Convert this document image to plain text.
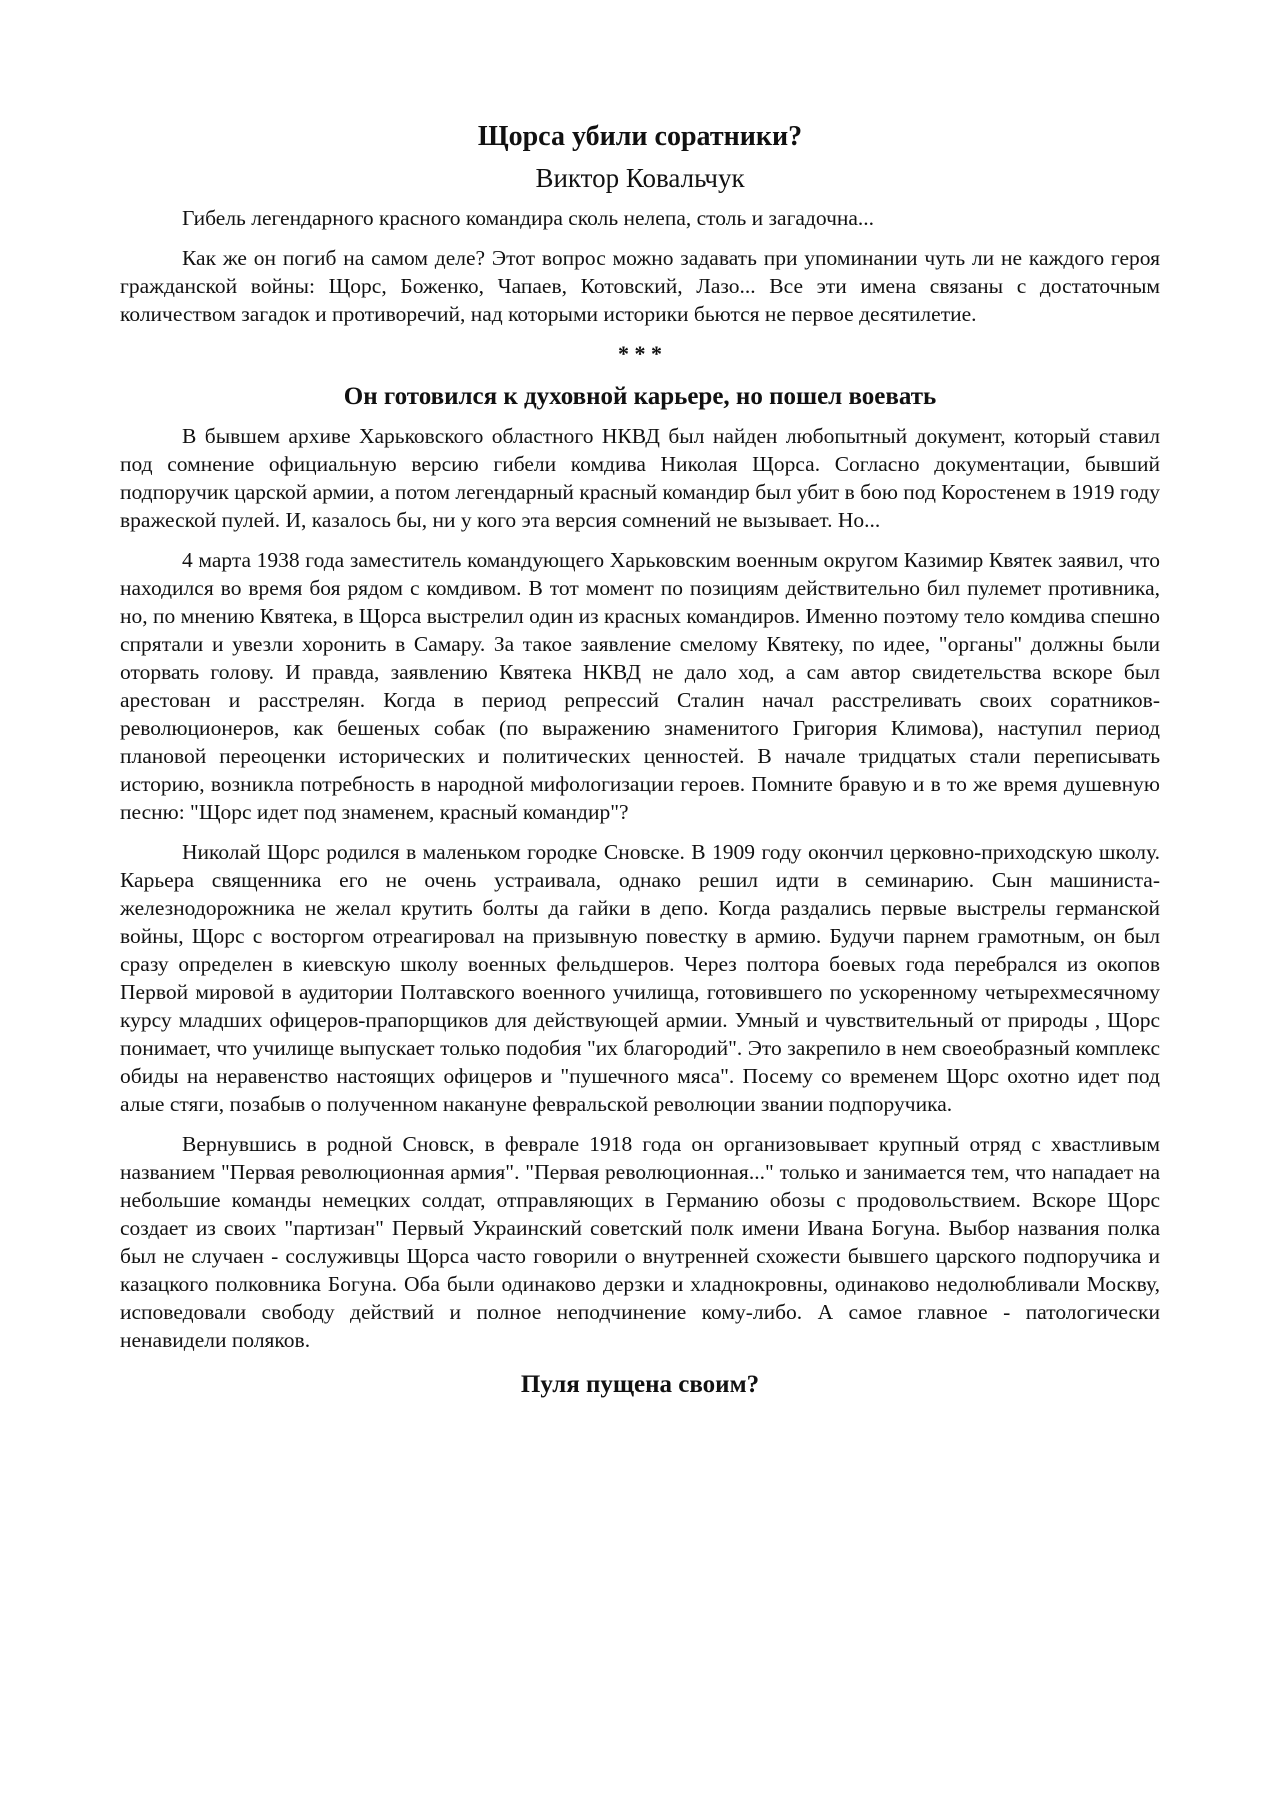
Щорса убили соратники?
Виктор Ковальчук

Гибель легендарного красного командира сколь нелепа, столь и загадочна...

Как же он погиб на самом деле? Этот вопрос можно задавать при упоминании чуть ли не каждого героя гражданской войны: Щорс, Боженко, Чапаев, Котовский, Лазо... Все эти имена связаны с достаточным количеством загадок и противоречий, над которыми историки бьются не первое десятилетие.

* * *
Он готовился к духовной карьере, но пошел воевать

В бывшем архиве Харьковского областного НКВД был найден любопытный документ, который ставил под сомнение официальную версию гибели комдива Николая Щорса. Согласно документации, бывший подпоручик царской армии, а потом легендарный красный командир был убит в бою под Коростенем в 1919 году вражеской пулей. И, казалось бы, ни у кого эта версия сомнений не вызывает. Но...

4 марта 1938 года заместитель командующего Харьковским военным округом Казимир Квятек заявил, что находился во время боя рядом с комдивом. В тот момент по позициям действительно бил пулемет противника, но, по мнению Квятека, в Щорса выстрелил один из красных командиров. Именно поэтому тело комдива спешно спрятали и увезли хоронить в Самару. За такое заявление смелому Квятеку, по идее, "органы" должны были оторвать голову. И правда, заявлению Квятека НКВД не дало ход, а сам автор свидетельства вскоре был арестован и расстрелян. Когда в период репрессий Сталин начал расстреливать своих соратников-революционеров, как бешеных собак (по выражению знаменитого Григория Климова), наступил период плановой переоценки исторических и политических ценностей. В начале тридцатых стали переписывать историю, возникла потребность в народной мифологизации героев. Помните бравую и в то же время душевную песню: "Щорс идет под знаменем, красный командир"?

Николай Щорс родился в маленьком городке Сновске. В 1909 году окончил церковно-приходскую школу. Карьера священника его не очень устраивала, однако решил идти в семинарию. Сын машиниста-железнодорожника не желал крутить болты да гайки в депо. Когда раздались первые выстрелы германской войны, Щорс с восторгом отреагировал на призывную повестку в армию. Будучи парнем грамотным, он был сразу определен в киевскую школу военных фельдшеров. Через полтора боевых года перебрался из окопов Первой мировой в аудитории Полтавского военного училища, готовившего по ускоренному четырехмесячному курсу младших офицеров-прапорщиков для действующей армии. Умный и чувствительный от природы , Щорс понимает, что училище выпускает только подобия "их благородий". Это закрепило в нем своеобразный комплекс обиды на неравенство настоящих офицеров и "пушечного мяса". Посему со временем Щорс охотно идет под алые стяги, позабыв о полученном накануне февральской революции звании подпоручика.

Вернувшись в родной Сновск, в феврале 1918 года он организовывает крупный отряд с хвастливым названием "Первая революционная армия". "Первая революционная..." только и занимается тем, что нападает на небольшие команды немецких солдат, отправляющих в Германию обозы с продовольствием. Вскоре Щорс создает из своих "партизан" Первый Украинский советский полк имени Ивана Богуна. Выбор названия полка был не случаен - сослуживцы Щорса часто говорили о внутренней схожести бывшего царского подпоручика и казацкого полковника Богуна. Оба были одинаково дерзки и хладнокровны, одинаково недолюбливали Москву, исповедовали свободу действий и полное неподчинение кому-либо. А самое главное - патологически ненавидели поляков.

Пуля пущена своим?
